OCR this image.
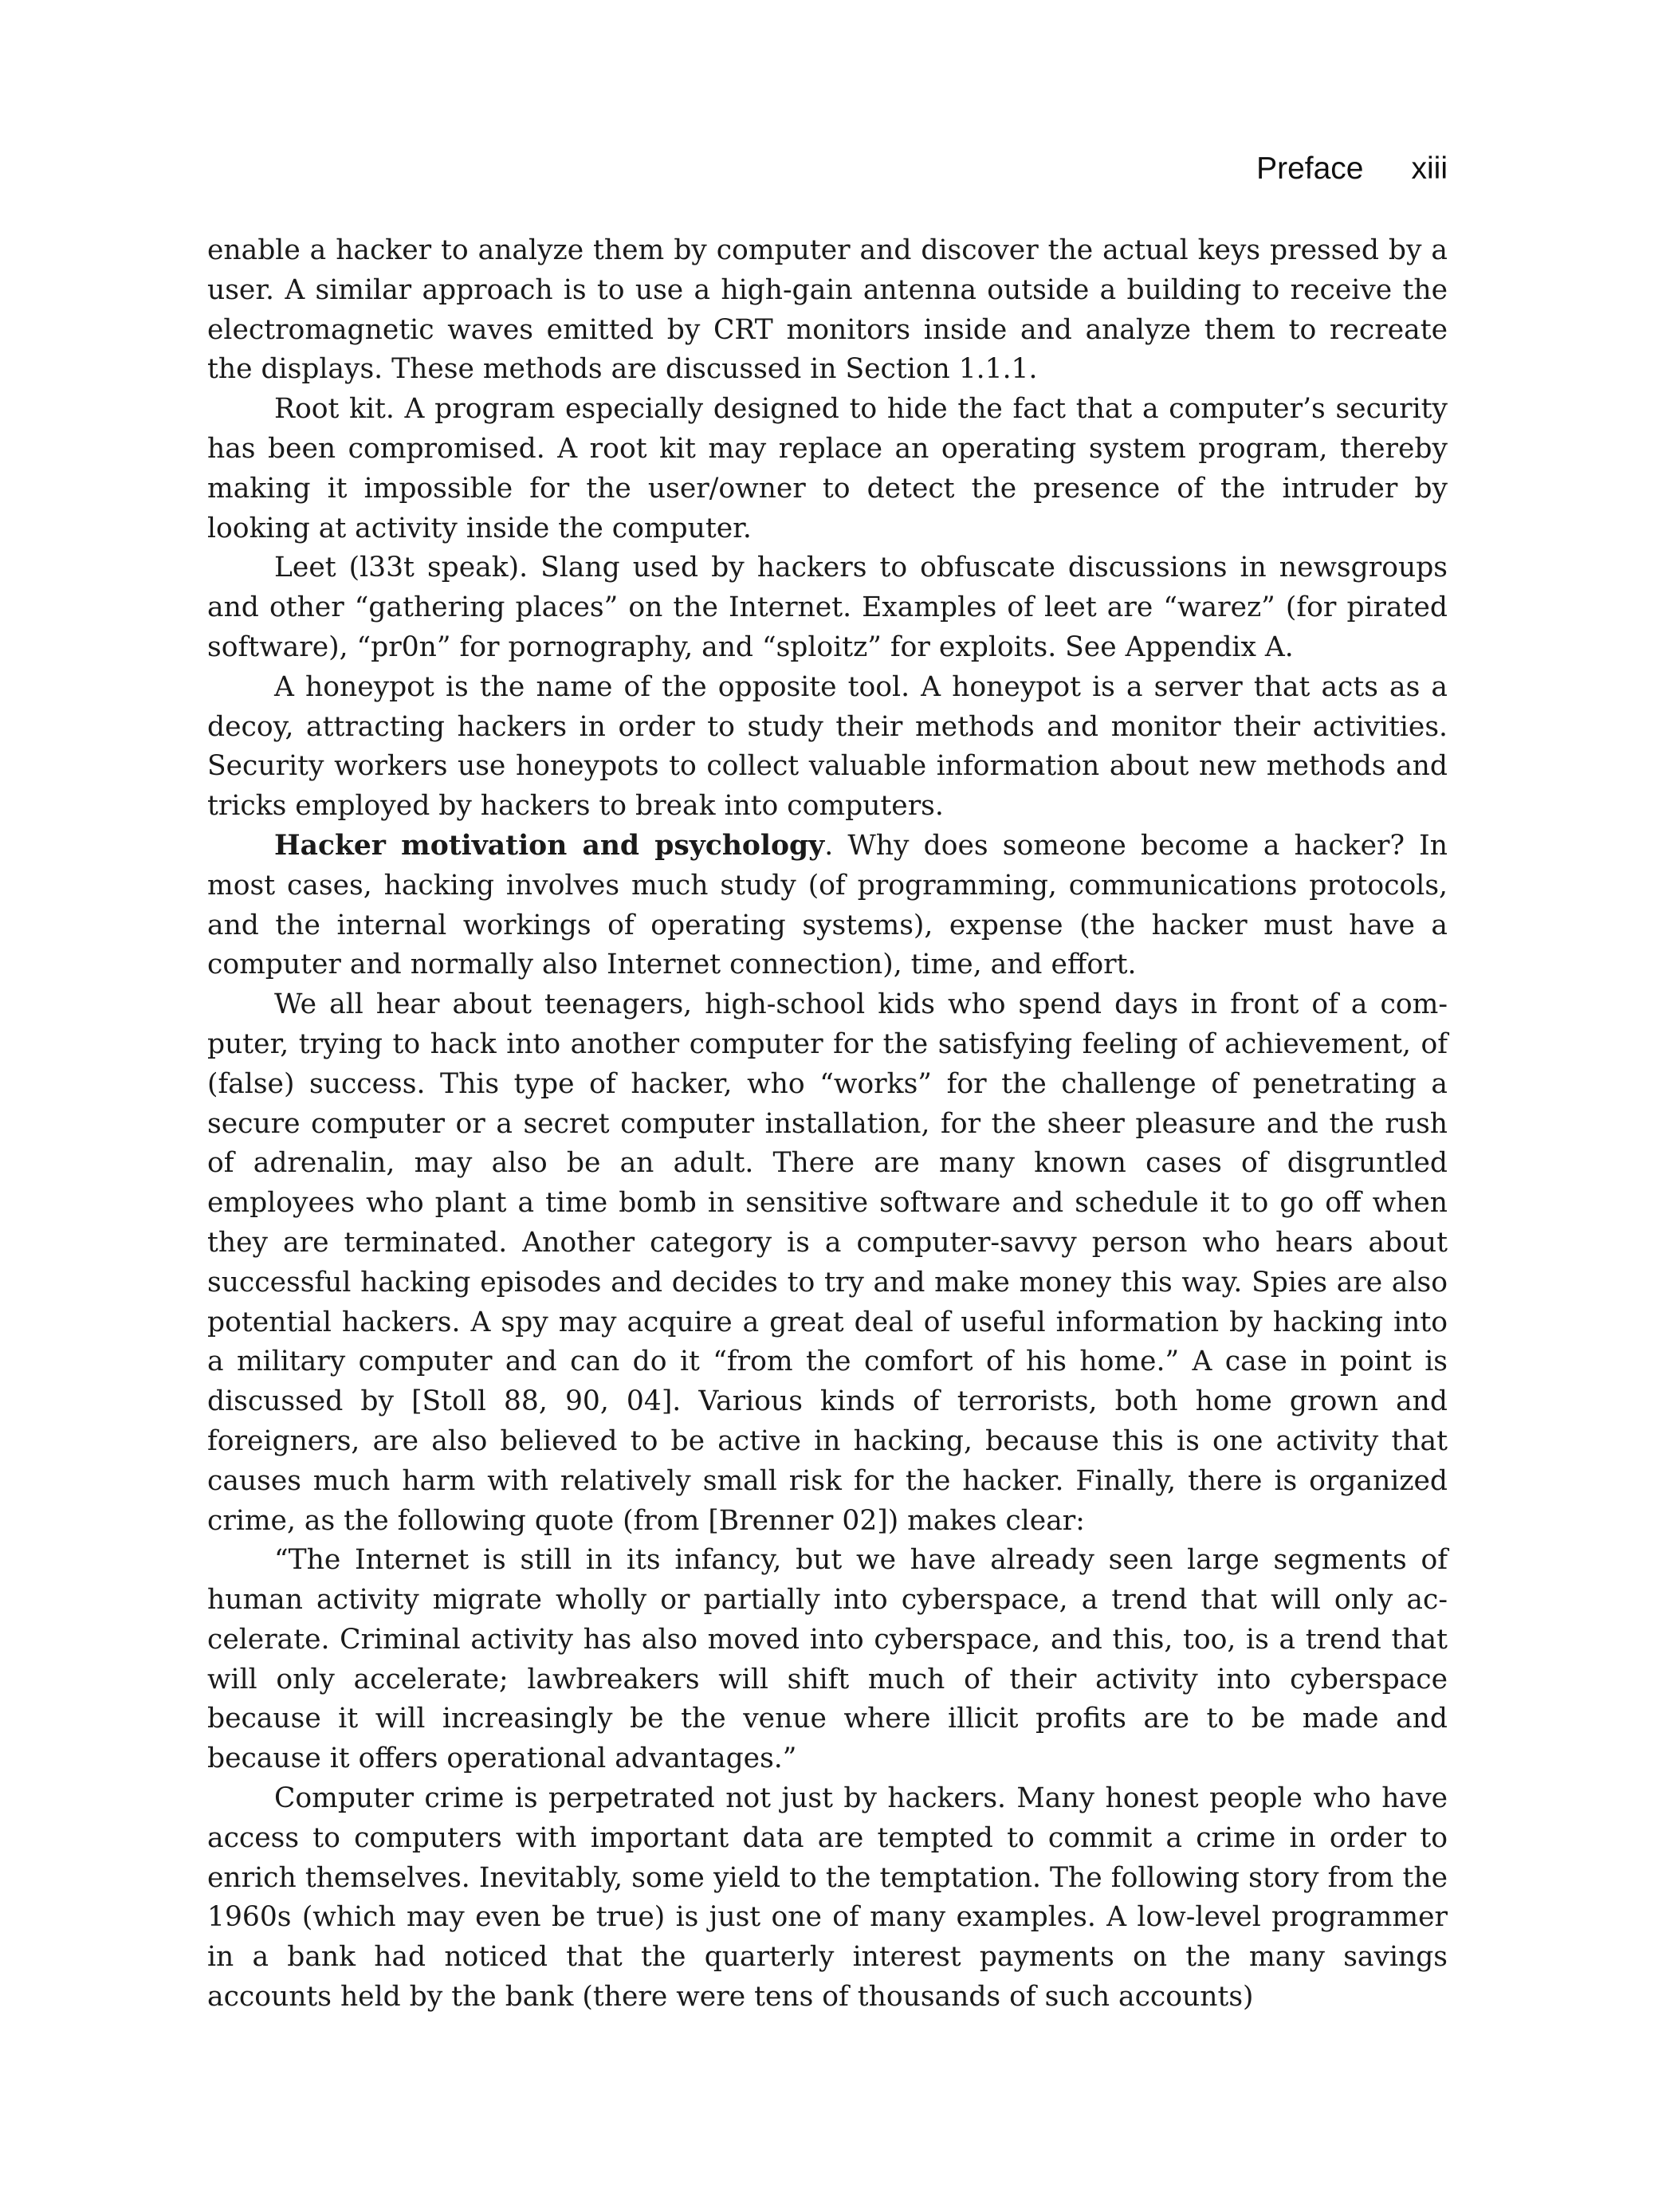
Preface xiii

enable a hacker to analyze them by computer and discover the actual keys pressed by a user. A similar approach is to use a high-gain antenna outside a building to receive the electromagnetic waves emitted by CRT monitors inside and analyze them to recreate the displays. These methods are discussed in Section 1.1.1.

Root kit. A program especially designed to hide the fact that a computer’s security has been compromised. A root kit may replace an operating system program, thereby making it impossible for the user/owner to detect the presence of the intruder by looking at activity inside the computer.

Leet (l33t speak). Slang used by hackers to obfuscate discussions in newsgroups and other “gathering places” on the Internet. Examples of leet are “warez” (for pirated software), “pr0n” for pornography, and “sploitz” for exploits. See Appendix A.

A honeypot is the name of the opposite tool. A honeypot is a server that acts as a decoy, attracting hackers in order to study their methods and monitor their activities. Security workers use honeypots to collect valuable information about new methods and tricks employed by hackers to break into computers.

Hacker motivation and psychology. Why does someone become a hacker? In most cases, hacking involves much study (of programming, communications protocols, and the internal workings of operating systems), expense (the hacker must have a computer and normally also Internet connection), time, and effort.

We all hear about teenagers, high-school kids who spend days in front of a computer, trying to hack into another computer for the satisfying feeling of achievement, of (false) success. This type of hacker, who “works” for the challenge of penetrating a secure computer or a secret computer installation, for the sheer pleasure and the rush of adrenalin, may also be an adult. There are many known cases of disgruntled employees who plant a time bomb in sensitive software and schedule it to go off when they are terminated. Another category is a computer-savvy person who hears about successful hacking episodes and decides to try and make money this way. Spies are also potential hackers. A spy may acquire a great deal of useful information by hacking into a military computer and can do it “from the comfort of his home.” A case in point is discussed by [Stoll 88, 90, 04]. Various kinds of terrorists, both home grown and foreigners, are also believed to be active in hacking, because this is one activity that causes much harm with relatively small risk for the hacker. Finally, there is organized crime, as the following quote (from [Brenner 02]) makes clear:

“The Internet is still in its infancy, but we have already seen large segments of human activity migrate wholly or partially into cyberspace, a trend that will only accelerate. Criminal activity has also moved into cyberspace, and this, too, is a trend that will only accelerate; lawbreakers will shift much of their activity into cyberspace because it will increasingly be the venue where illicit profits are to be made and because it offers operational advantages.”

Computer crime is perpetrated not just by hackers. Many honest people who have access to computers with important data are tempted to commit a crime in order to enrich themselves. Inevitably, some yield to the temptation. The following story from the 1960s (which may even be true) is just one of many examples. A low-level programmer in a bank had noticed that the quarterly interest payments on the many savings accounts held by the bank (there were tens of thousands of such accounts)
